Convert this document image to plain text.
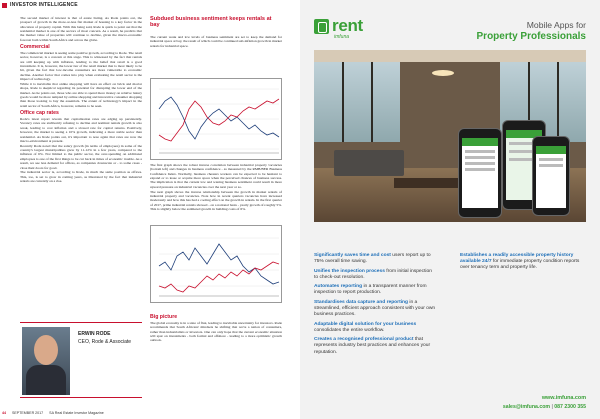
INVESTOR INTELLIGENCE

The second market of interest is that of estate listing. As Rode points out, the prospect of growth in the more-or-less flat market of housing is a key factor in the allocation of property capital. With this being said, Rode is quick to point out that the residential market is one of the sectors of most concern. As a result, he predicts that the market value of properties will continue to decline, given the macro-economic forecast both within South Africa and across the globe.

Commercial

The commercial market is seeing some positive growth, according to Rode. The retail sector, however, is a concern at this stage. This is witnessed by the fact that rentals are still keeping up with inflation, lending to the belief that retail is a good investment. It is, however, the lower tier of the retail market that is most likely to be hit, given the fact that low-income consumers are more vulnerable to economic decline. Another factor that comes into play when evaluating the retail sector is the impact of technology.

While it is inevitable that online shopping will have an effect on brick and mortar shops, Rode is skeptical regarding its potential for disrupting the lower end of the market. As he points out, those who are able to spend more money on relative luxury goods would be more tempted by online shopping and innovative consumer shopping than those looking to buy the essentials. The extent of technology's impact in the retail sector of South Africa, however, remains to be seen.

Office cap rates

Rode's latest report reveals that capitalisation rates are edging up persistently. Vacancy rates are stubbornly refusing to decline and nominal rentals growth is also weak, leading to cost inflation and a slowed rate for capital returns. Positively, however, the market is seeing a 10% growth, indicating a more stable sector than residential. As Rode points out, it's important to note again that rates are now the macro-environment at present.

Recently Rode noted that the salary growth (in terms of employees) in some of the country's largest municipalities grew by 11-12% in a few years, compared to the inflation of 6%. Not limited to the public sector, the over-spending on additional employees is one of the first things to be cut back in times of economic trouble. As a result, we see less demand for offices, as companies downscale or - to some cases - close their doors for good.

The industrial sector is, according to Rode, in much the same position as offices. This, too, is set to grow in coming years, as illustrated by the fact that industrial rentals are currently on a rise.

ERWIN RODE
CEO, Rode & Associate
Subdued business sentiment keeps rentals at bay

The current weak and low levels of business sentiment are set to keep the demand for industrial space at bay, the result of which could be continued sub-inflation growth in market rentals for industrial space.

The first graph shows the robust inverse correlation between industrial property vacancies (bottom left) and changes in business confidence - as measured by the RMB/BER Business Confidence Index. Normally, business cheaters workers can be expected to be hesitant to expand or to lease or acquire more space when the perceived chances of business success. The implication is that the current low and waning business sentiment could result in more upward pressure on industrial vacancies over the next year or so.

The next graph shows the inverse relationship between the growth in market rentals of industrial property and vacancies. Note how in recent quarters vacancies have increased moderately and how this has had a cooling effect on the growth in rentals. In the first quarter of 2017, prime industrial rentals showed - on a national basis - yearly growth of roughly 5%. This is slightly below the estimated growth in building costs of 6%.

Big picture

The global economy is in a state of flux, leading to inevitable uncertainty for investors. Rode recommends that South Africans' mindsets be shifting that we're a nation of consumers, rather than industrialists or investors. One can only hope that the current economic situation will spur on investments - both formal and offshore - leading to a more optimistic growth outlook.

44 SEPTEMBER 2017 SA Real Estate Investor Magazine
rent
imfuna
Mobile Apps for
Property Professionals
Significantly saves time and cost users report up to 75% overall time saving.
Unifies the inspection process from initial inspection to check-out resolution.
Automates reporting in a transparent manner from inspection to report production.
Standardises data capture and reporting in a streamlined, efficient approach consistent with your own business practices.
Adaptable digital solution for your business consolidates the entire workflow.
Creates a recognised professional product that represents industry best practices and enhances your reputation.
Establishes a readily accessible property history available 24/7 for immediate property condition reports over tenancy term and property life.
www.imfuna.com
sales@imfuna.com | 087 2300 355
